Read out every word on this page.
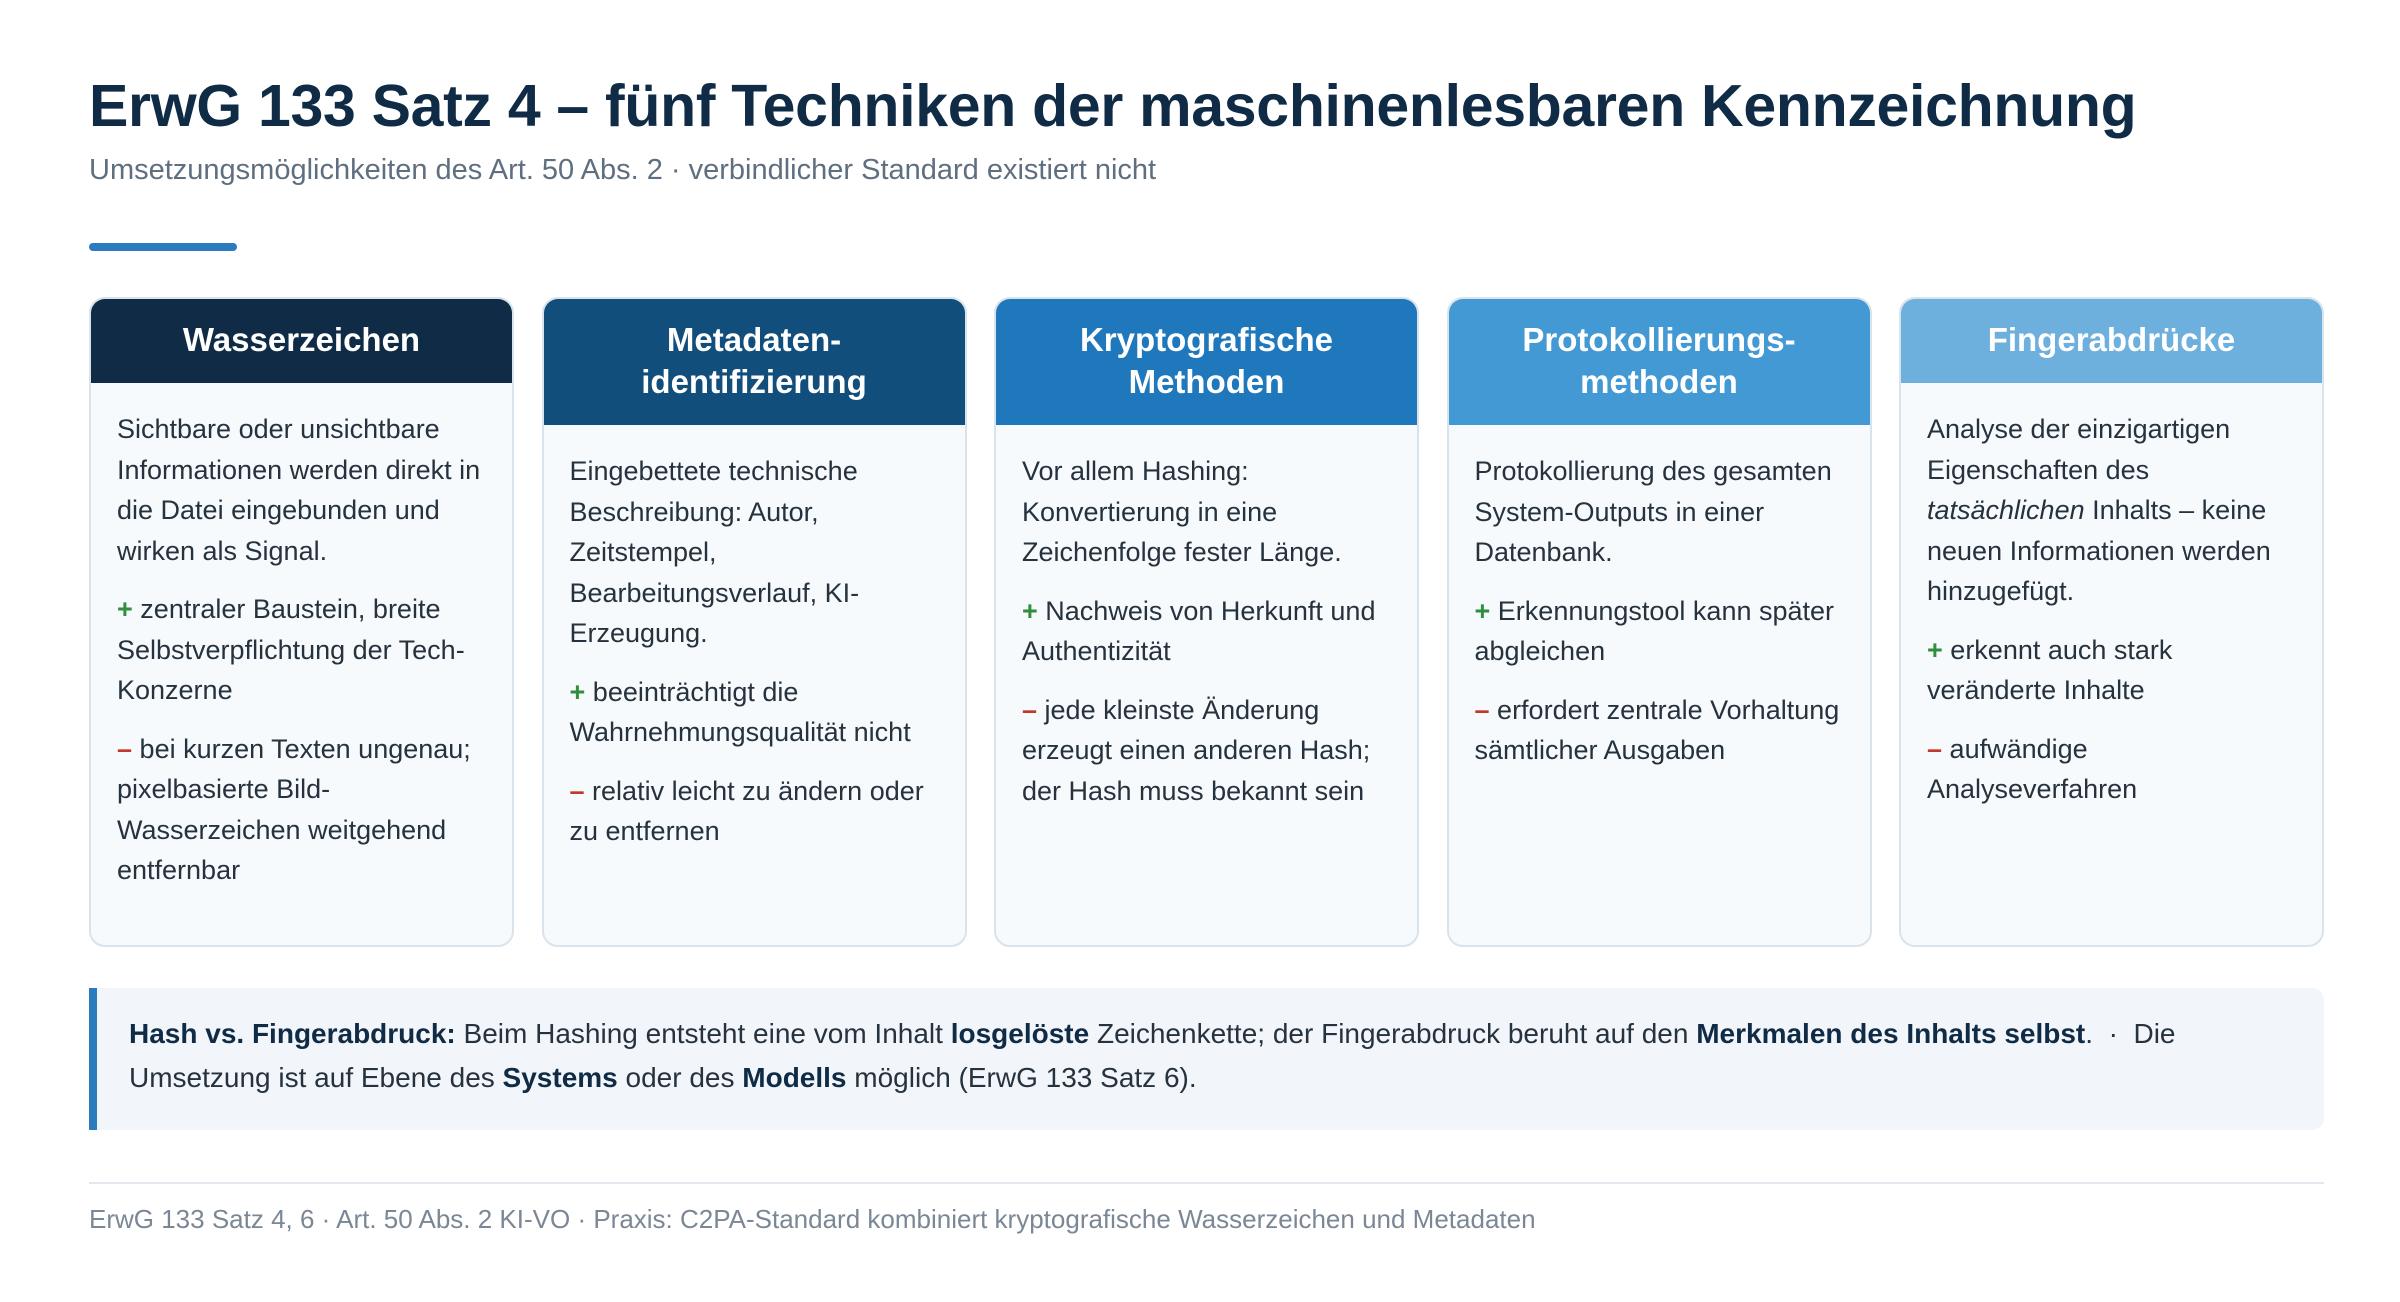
ErwG 133 Satz 4 – fünf Techniken der maschinenlesbaren Kennzeichnung
Umsetzungsmöglichkeiten des Art. 50 Abs. 2 · verbindlicher Standard existiert nicht
Wasserzeichen

Sichtbare oder unsichtbare Informationen werden direkt in die Datei eingebunden und wirken als Signal.

+ zentraler Baustein, breite Selbstverpflichtung der Tech-Konzerne

– bei kurzen Texten ungenau; pixelbasierte Bild-Wasserzeichen weitgehend entfernbar

Metadaten-identifizierung

Eingebettete technische Beschreibung: Autor, Zeitstempel, Bearbeitungsverlauf, KI-Erzeugung.

+ beeinträchtigt die Wahrnehmungsqualität nicht

– relativ leicht zu ändern oder zu entfernen

Kryptografische Methoden

Vor allem Hashing: Konvertierung in eine Zeichenfolge fester Länge.

+ Nachweis von Herkunft und Authentizität

– jede kleinste Änderung erzeugt einen anderen Hash; der Hash muss bekannt sein

Protokollierungs-methoden

Protokollierung des gesamten System-Outputs in einer Datenbank.

+ Erkennungstool kann später abgleichen

– erfordert zentrale Vorhaltung sämtlicher Ausgaben

Fingerabdrücke

Analyse der einzigartigen Eigenschaften des tatsächlichen Inhalts – keine neuen Informationen werden hinzugefügt.

+ erkennt auch stark veränderte Inhalte

– aufwändige Analyseverfahren

Hash vs. Fingerabdruck: Beim Hashing entsteht eine vom Inhalt losgelöste Zeichenkette; der Fingerabdruck beruht auf den Merkmalen des Inhalts selbst.  ·  Die Umsetzung ist auf Ebene des Systems oder des Modells möglich (ErwG 133 Satz 6).
ErwG 133 Satz 4, 6 · Art. 50 Abs. 2 KI-VO · Praxis: C2PA-Standard kombiniert kryptografische Wasserzeichen und Metadaten
